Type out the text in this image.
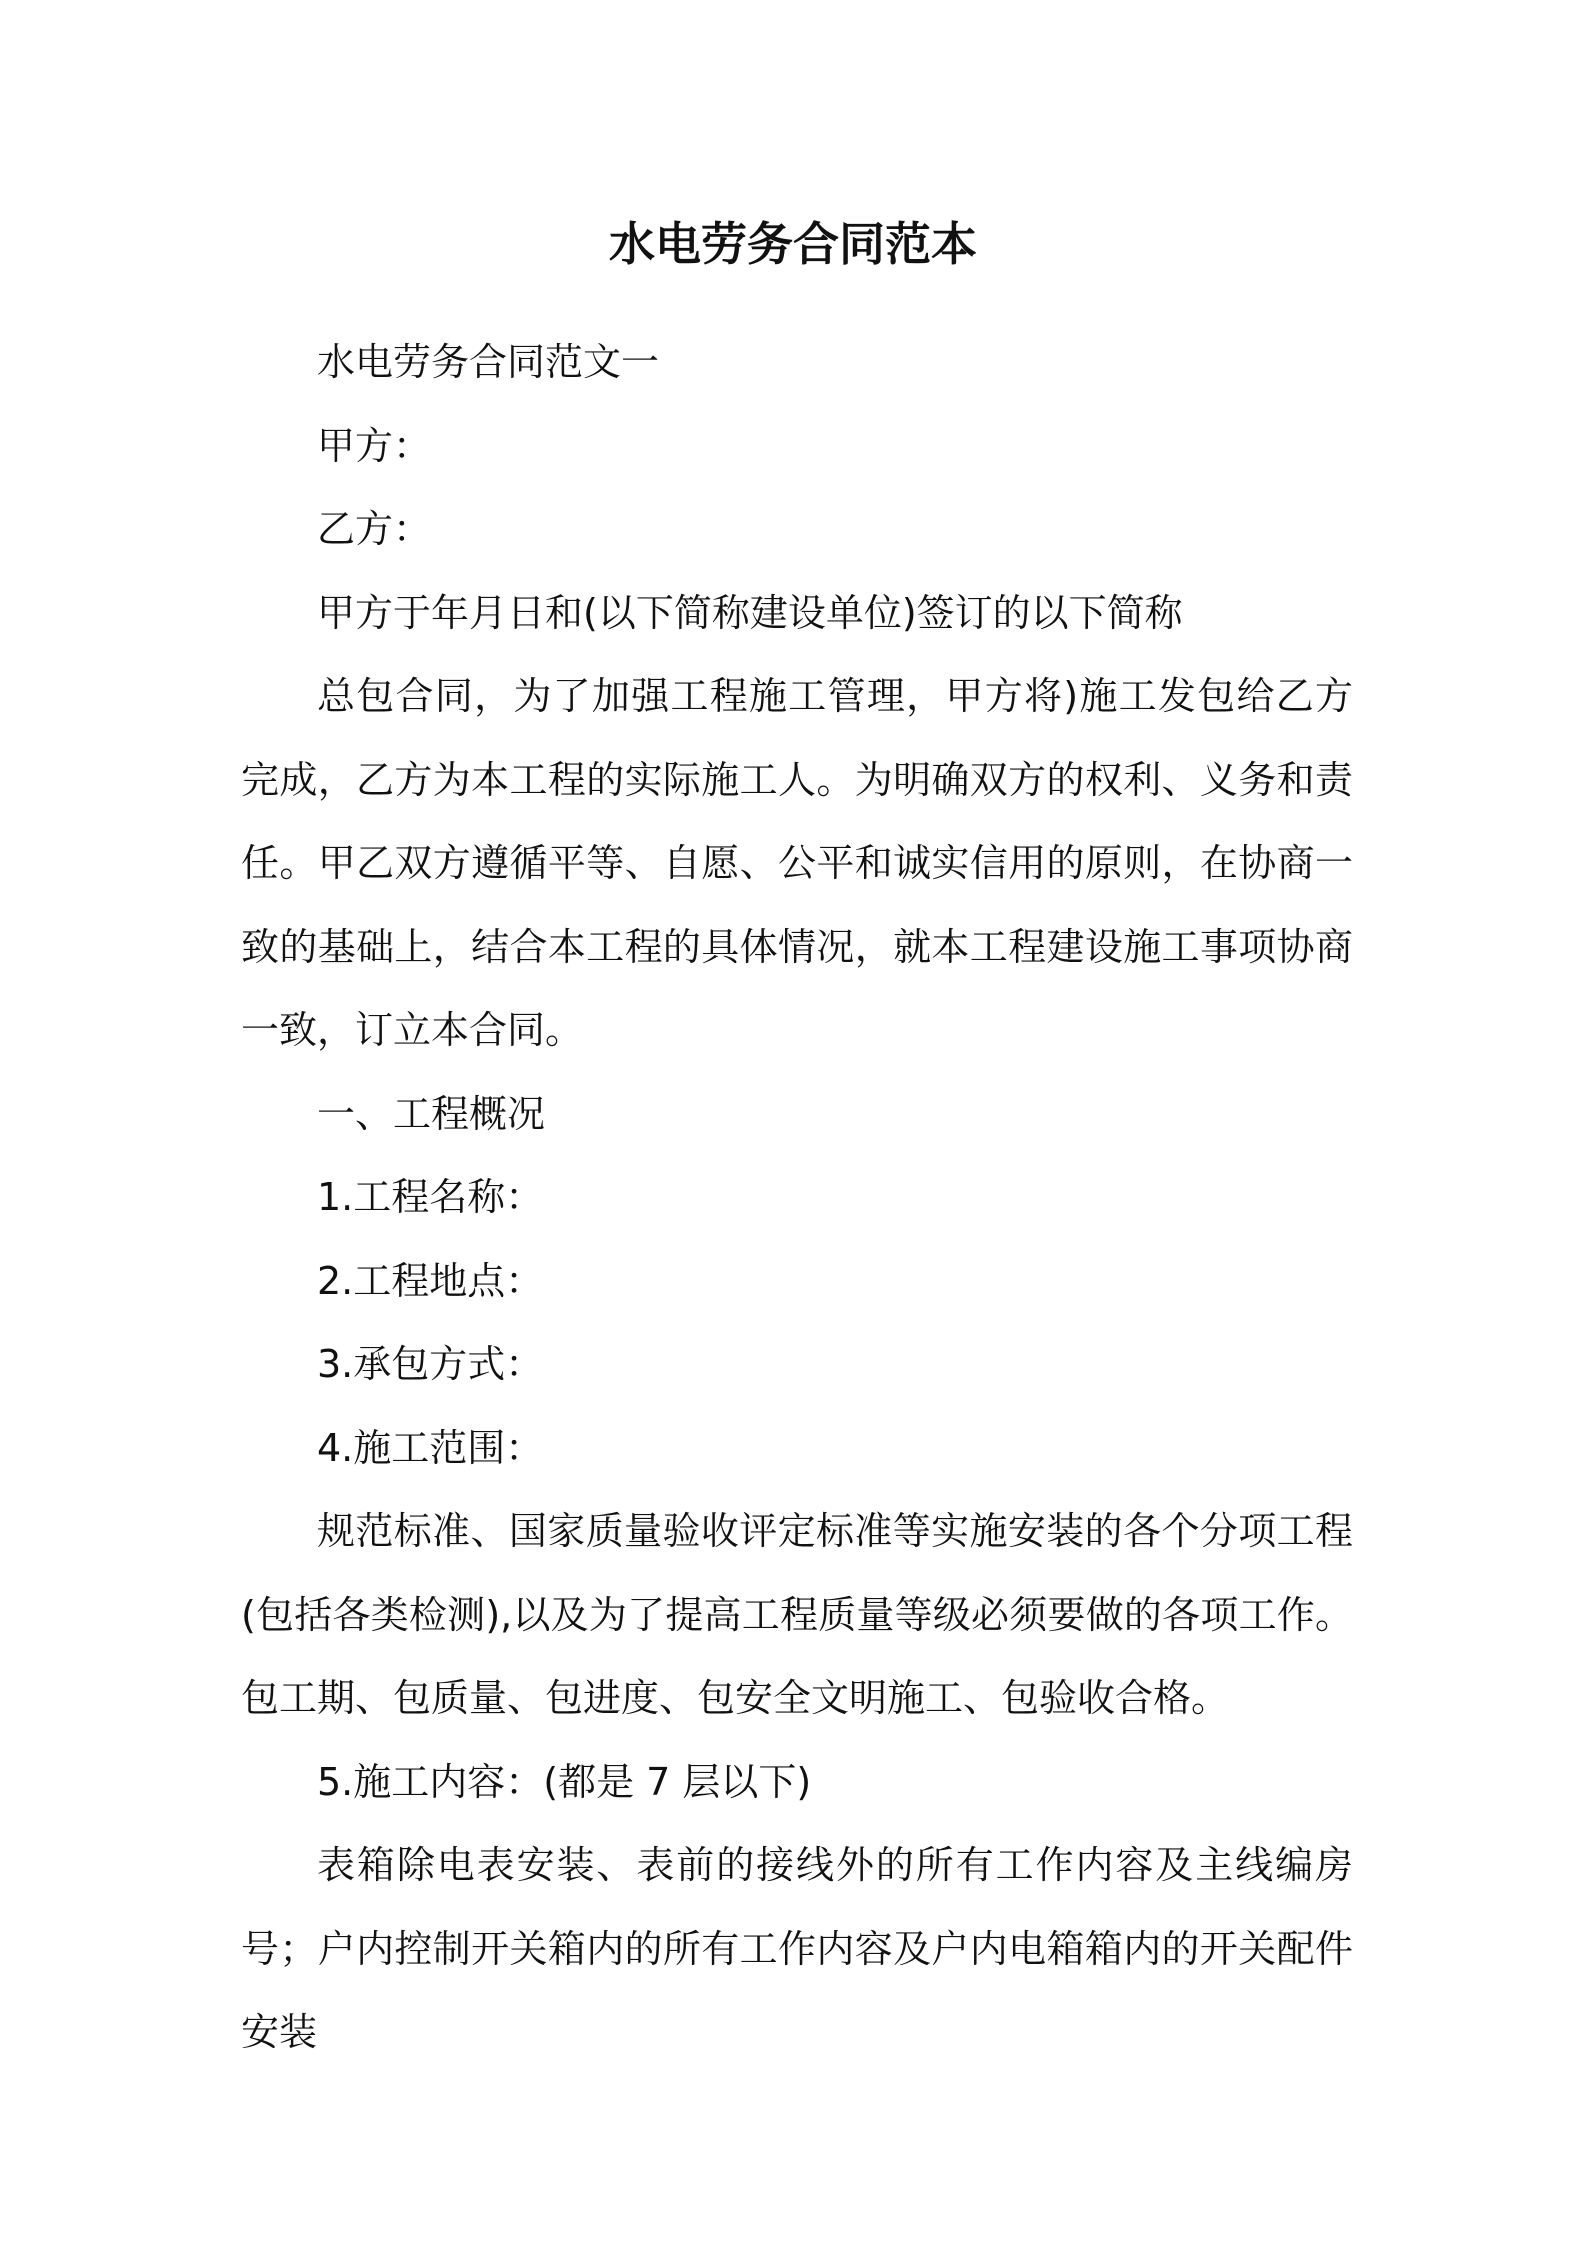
水电劳务合同范本

水电劳务合同范文一

甲方：

乙方：

甲方于年月日和(以下简称建设单位)签订的以下简称

总包合同，为了加强工程施工管理，甲方将)施工发包给乙方完成，乙方为本工程的实际施工人。为明确双方的权利、义务和责任。甲乙双方遵循平等、自愿、公平和诚实信用的原则，在协商一致的基础上，结合本工程的具体情况，就本工程建设施工事项协商一致，订立本合同。

一、工程概况

1.工程名称：

2.工程地点：

3.承包方式：

4.施工范围：

规范标准、国家质量验收评定标准等实施安装的各个分项工程(包括各类检测),以及为了提高工程质量等级必须要做的各项工作。包工期、包质量、包进度、包安全文明施工、包验收合格。

5.施工内容：(都是 7 层以下)

表箱除电表安装、表前的接线外的所有工作内容及主线编房号；户内控制开关箱内的所有工作内容及户内电箱箱内的开关配件安装
